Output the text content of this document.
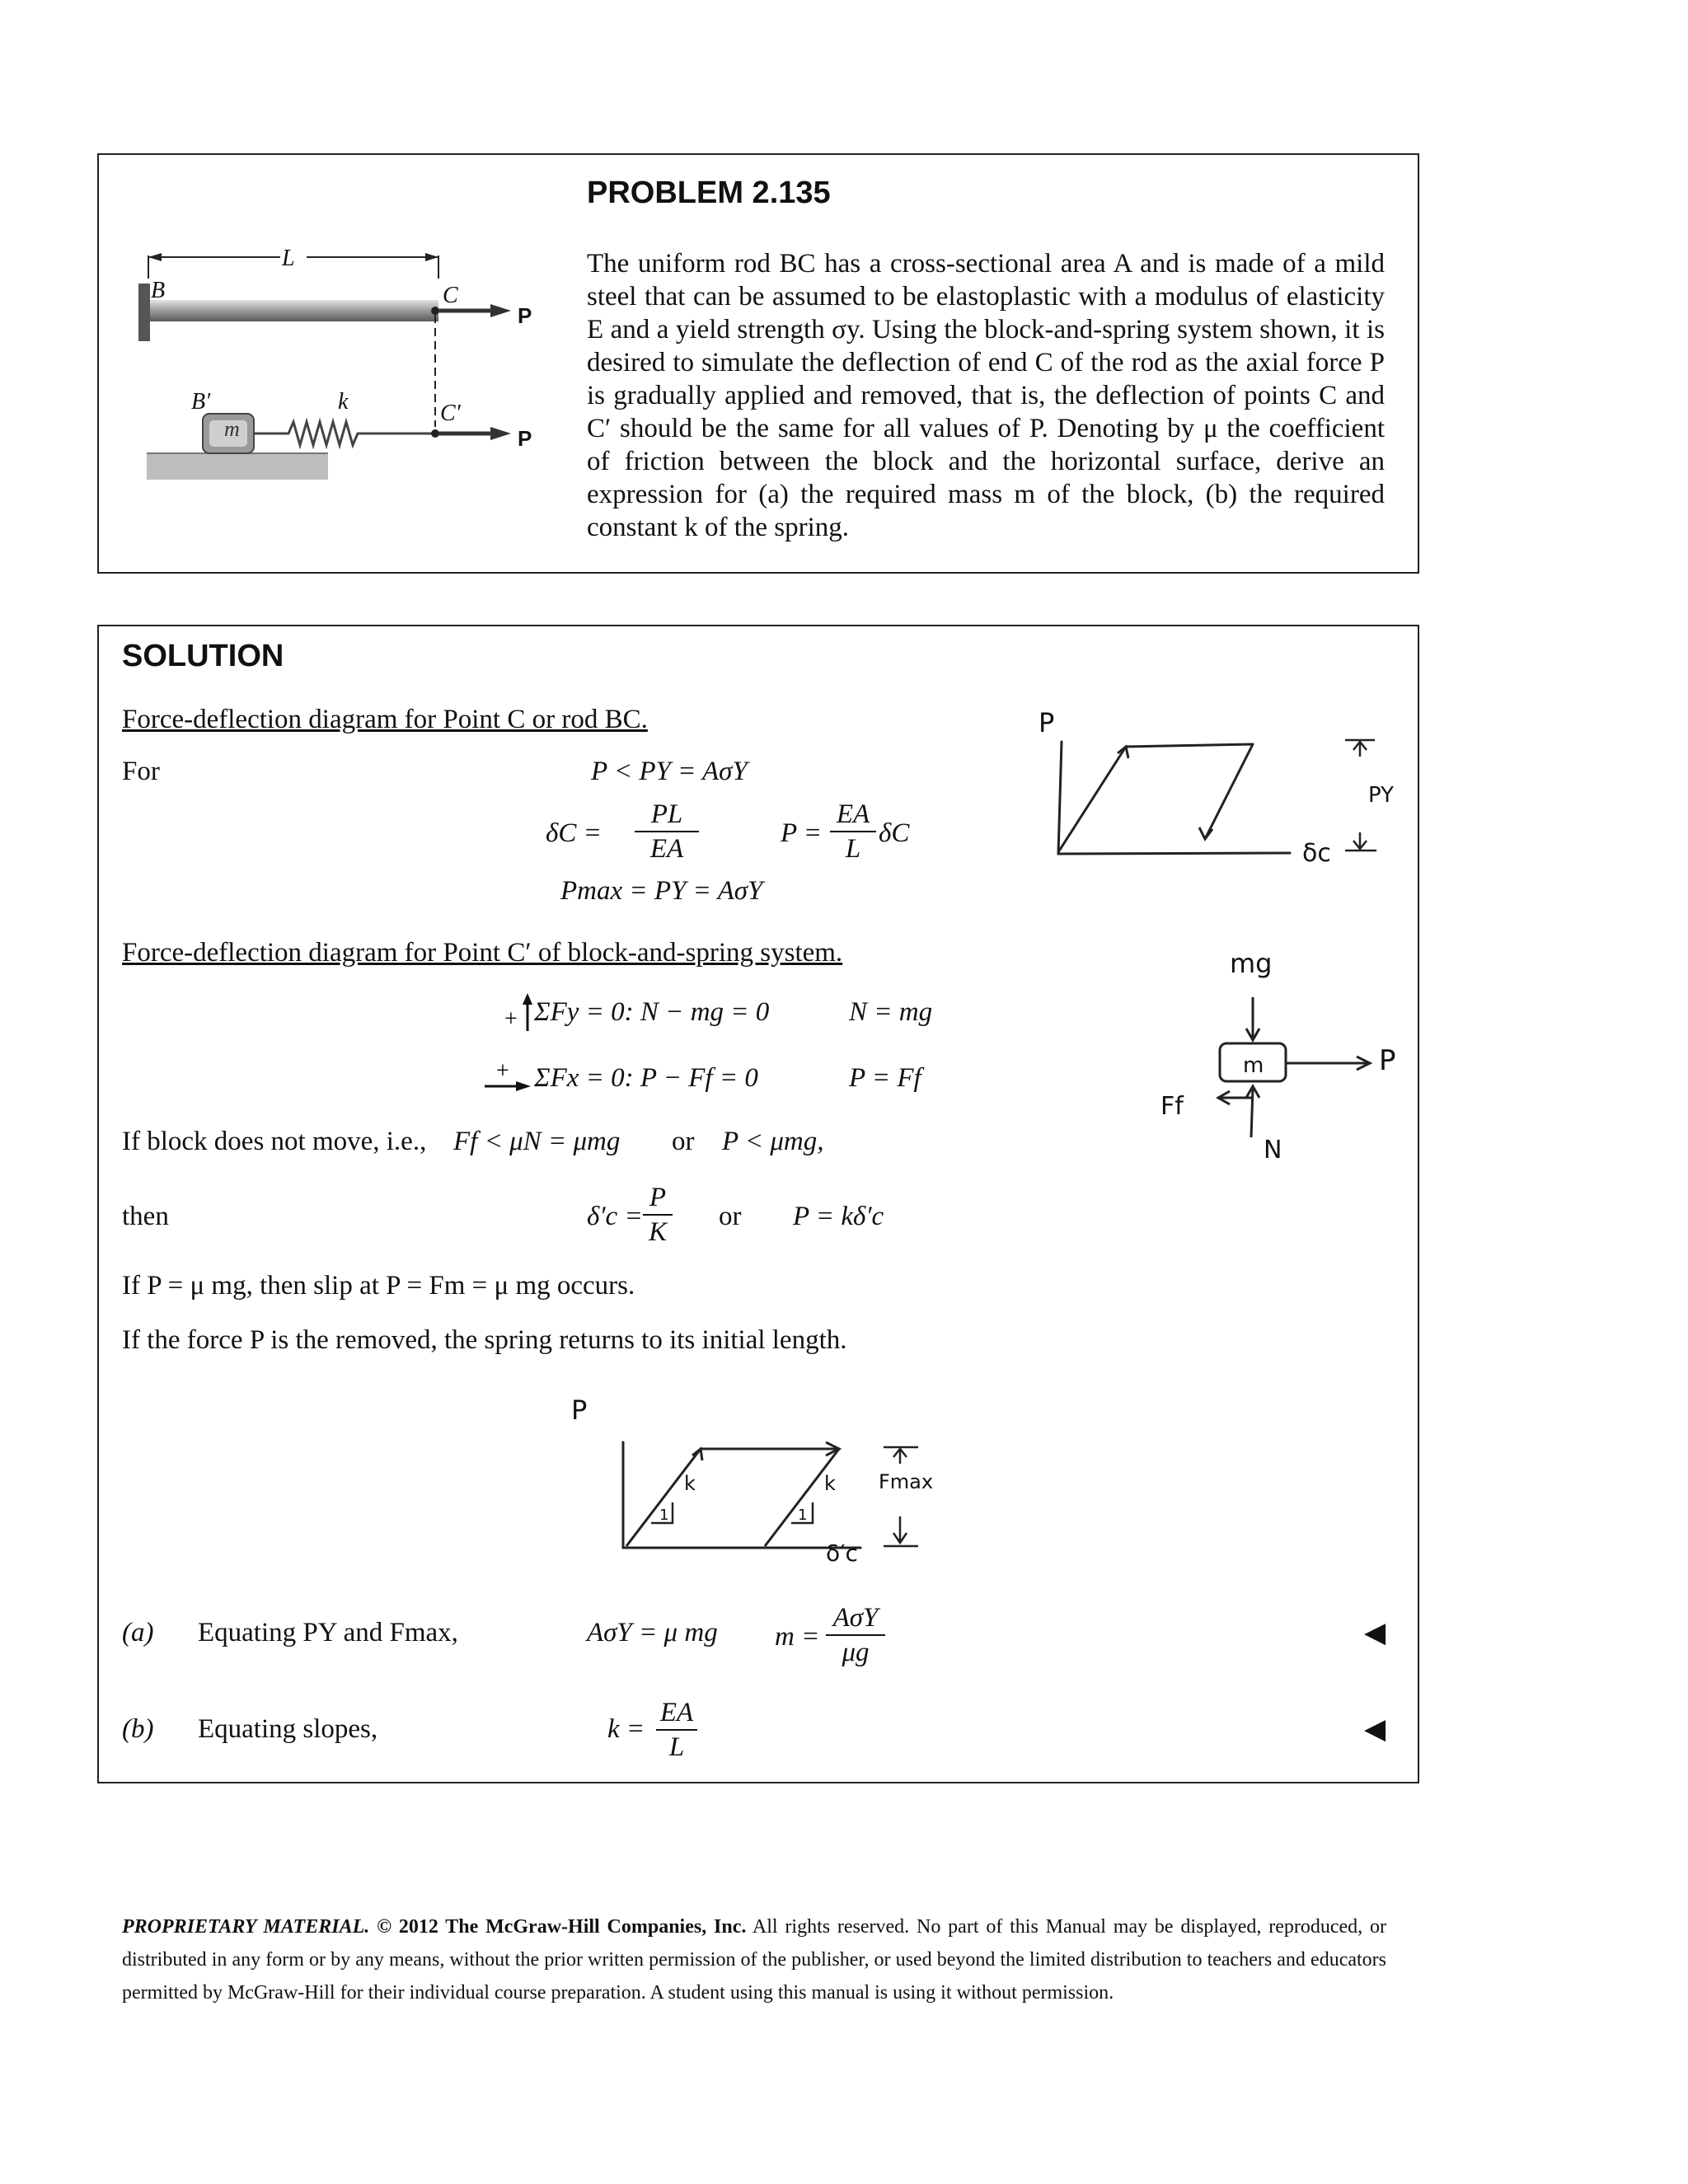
PROBLEM 2.135
The uniform rod BC has a cross-sectional area A and is made of a mild steel that can be assumed to be elastoplastic with a modulus of elasticity E and a yield strength σy. Using the block-and-spring system shown, it is desired to simulate the deflection of end C of the rod as the axial force P is gradually applied and removed, that is, the deflection of points C and C′ should be the same for all values of P. Denoting by μ the coefficient of friction between the block and the horizontal surface, derive an expression for (a) the required mass m of the block, (b) the required constant k of the spring.
L
B	C
P
B′	k	C′
m	P
SOLUTION
Force-deflection diagram for Point C or rod BC.
For	P < PY = AσY
$\delta C = \frac{PL}{EA}$	$P = \frac{EA}{L}$ δC
Pmax = PY = AσY
Force-deflection diagram for Point C′ of block-and-spring system.
+ ΣFy = 0: N − mg = 0	N = mg
+ ΣFx = 0: P − Ff = 0	P = Ff
If block does not move, i.e., Ff < μN = μmg or P < μmg,
then	$\delta'c = \frac{P}{K}$ or P = kδ′c
If P = μ mg, then slip at P = Fm = μ mg occurs.
If the force P is the removed, the spring returns to its initial length.
(a) Equating PY and Fmax,	AσY = μ mg m =
AσY
μg
◀
(b) Equating slopes,	$k = \frac{EA}{L}$	◀
P
δc
PY
mg
m	P
Ff
N
P
k
1
k
1
Fmax
δ′c
PROPRIETARY MATERIAL. © 2012 The McGraw-Hill Companies, Inc. All rights reserved. No part of this Manual may be displayed, reproduced, or distributed in any form or by any means, without the prior written permission of the publisher, or used beyond the limited distribution to teachers and educators permitted by McGraw-Hill for their individual course preparation. A student using this manual is using it without permission.
